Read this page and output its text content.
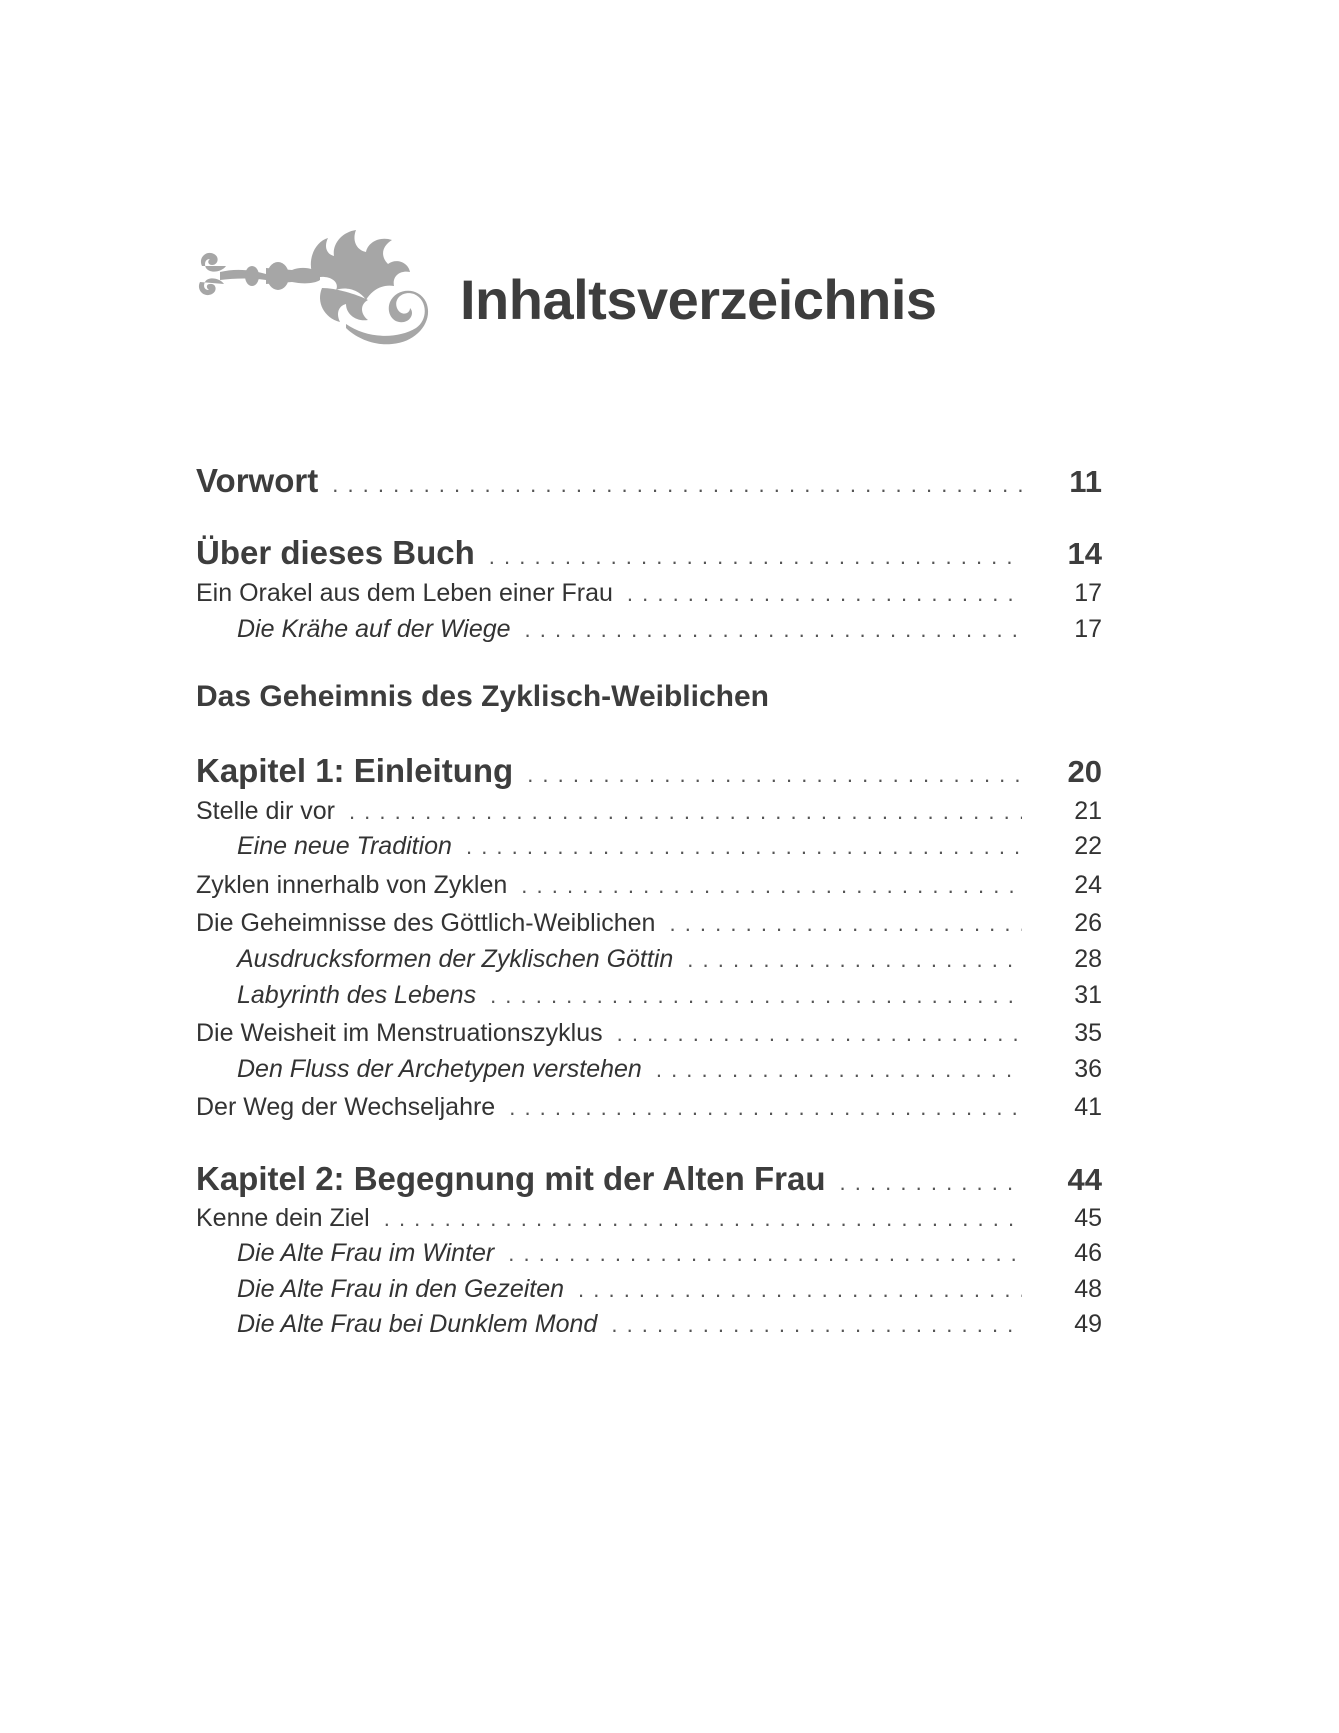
Inhaltsverzeichnis
Vorwort . . .	11
Über dieses Buch . . .	14
Ein Orakel aus dem Leben einer Frau . . .	17
Die Krähe auf der Wiege . . .	17
Das Geheimnis des Zyklisch-Weiblichen
Kapitel 1: Einleitung . . .	20
Stelle dir vor . . .	21
Eine neue Tradition . . .	22
Zyklen innerhalb von Zyklen . . .	24
Die Geheimnisse des Göttlich-Weiblichen . . .	26
Ausdrucksformen der Zyklischen Göttin . . .	28
Labyrinth des Lebens . . .	31
Die Weisheit im Menstruationszyklus . . .	35
Den Fluss der Archetypen verstehen . . .	36
Der Weg der Wechseljahre . . .	41
Kapitel 2: Begegnung mit der Alten Frau . . .	44
Kenne dein Ziel . . .	45
Die Alte Frau im Winter . . .	46
Die Alte Frau in den Gezeiten . . .	48
Die Alte Frau bei Dunklem Mond . . .	49
